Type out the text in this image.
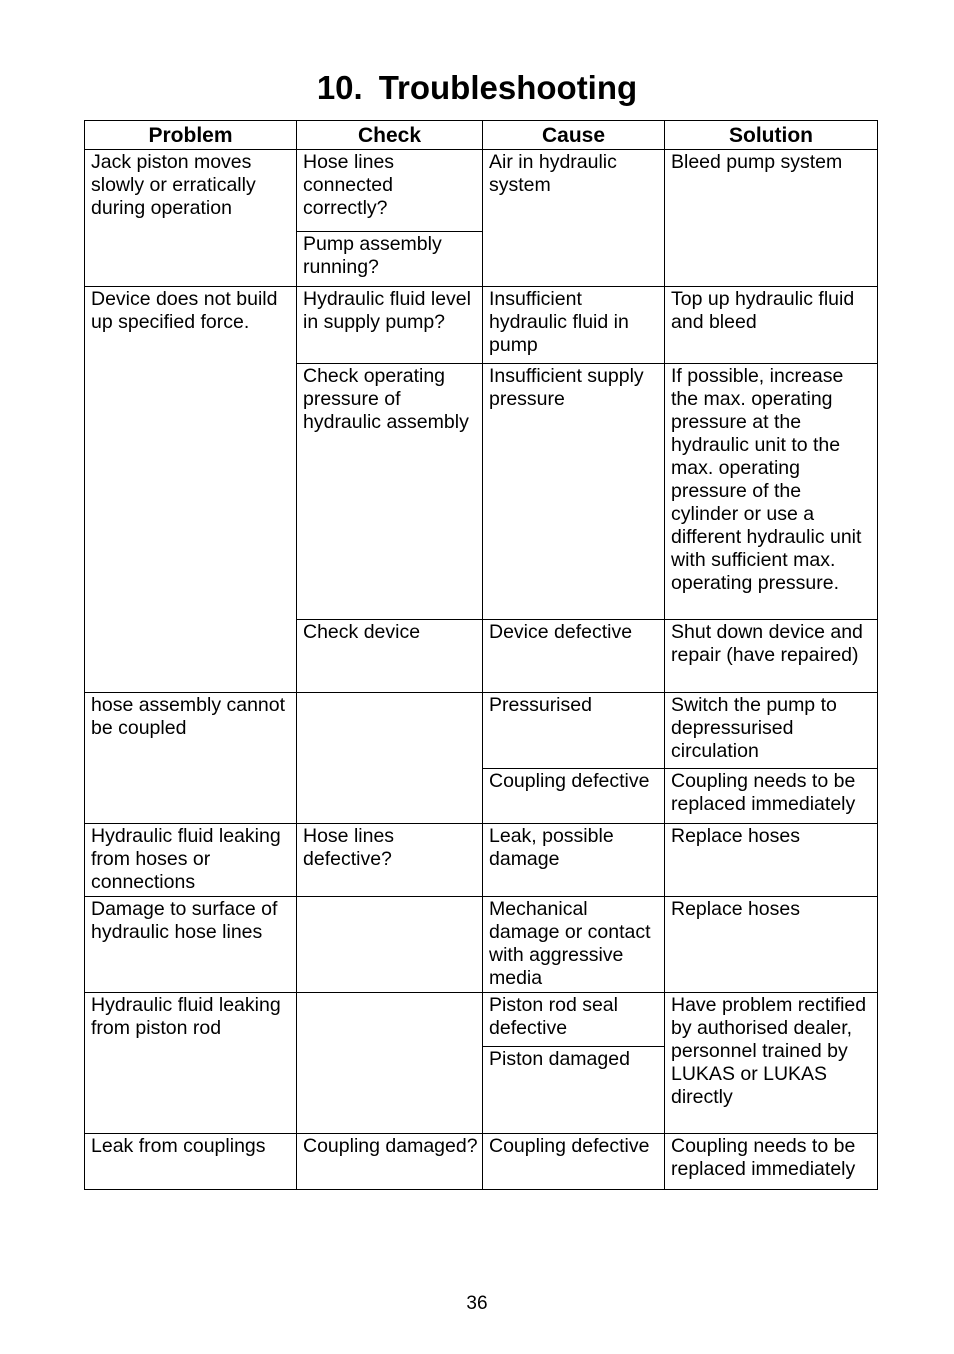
10. Troubleshooting
Problem	Check	Cause	Solution
Jack piston moves slowly or erratically during operation	Hose lines connected correctly?	Air in hydraulic system	Bleed pump system
	Pump assembly running?		
Device does not build up specified force.	Hydraulic fluid level in supply pump?	Insufficient hydraulic fluid in pump	Top up hydraulic fluid and bleed
	Check operating pressure of hydraulic assembly	Insufficient supply pressure	If possible, increase the max. operating pressure at the hydraulic unit to the max. operating pressure of the cylinder or use a different hydraulic unit with sufficient max. operating pressure.
	Check device	Device defective	Shut down device and repair (have repaired)
hose assembly cannot be coupled		Pressurised	Switch the pump to depressurised circulation
		Coupling defective	Coupling needs to be replaced immediately
Hydraulic fluid leaking from hoses or connections	Hose lines defective?	Leak, possible damage	Replace hoses
Damage to surface of hydraulic hose lines		Mechanical damage or contact with aggressive media	Replace hoses
Hydraulic fluid leaking from piston rod		Piston rod seal defective	Have problem rectified by authorised dealer, personnel trained by LUKAS or LUKAS directly
		Piston damaged	
Leak from couplings	Coupling damaged?	Coupling defective	Coupling needs to be replaced immediately
36
